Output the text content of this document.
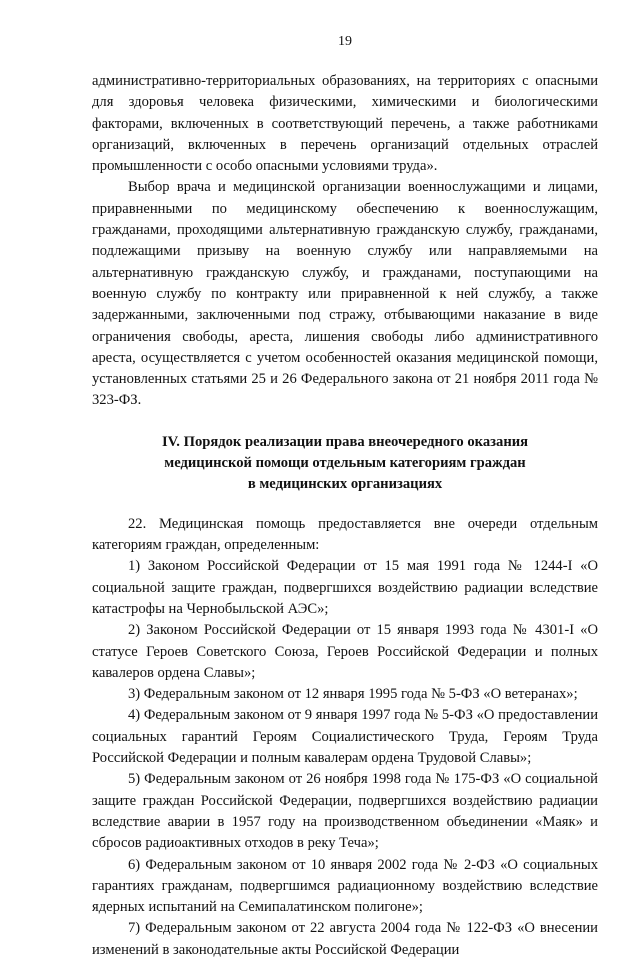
19

административно-территориальных образованиях, на территориях с опасными для здоровья человека физическими, химическими и биологическими факторами, включенных в соответствующий перечень, а также работниками организаций, включенных в перечень организаций отдельных отраслей промышленности с особо опасными условиями труда».

Выбор врача и медицинской организации военнослужащими и лицами, приравненными по медицинскому обеспечению к военнослужащим, гражданами, проходящими альтернативную гражданскую службу, гражданами, подлежащими призыву на военную службу или направляемыми на альтернативную гражданскую службу, и гражданами, поступающими на военную службу по контракту или приравненной к ней службу, а также задержанными, заключенными под стражу, отбывающими наказание в виде ограничения свободы, ареста, лишения свободы либо административного ареста, осуществляется с учетом особенностей оказания медицинской помощи, установленных статьями 25 и 26 Федерального закона от 21 ноября 2011 года № 323-ФЗ.

IV. Порядок реализации права внеочередного оказания
медицинской помощи отдельным категориям граждан
в медицинских организациях

22. Медицинская помощь предоставляется вне очереди отдельным категориям граждан, определенным:

1) Законом Российской Федерации от 15 мая 1991 года № 1244-I «О социальной защите граждан, подвергшихся воздействию радиации вследствие катастрофы на Чернобыльской АЭС»;

2) Законом Российской Федерации от 15 января 1993 года № 4301-I «О статусе Героев Советского Союза, Героев Российской Федерации и полных кавалеров ордена Славы»;

3) Федеральным законом от 12 января 1995 года № 5-ФЗ «О ветеранах»;

4) Федеральным законом от 9 января 1997 года № 5-ФЗ «О предоставлении социальных гарантий Героям Социалистического Труда, Героям Труда Российской Федерации и полным кавалерам ордена Трудовой Славы»;

5) Федеральным законом от 26 ноября 1998 года № 175-ФЗ «О социальной защите граждан Российской Федерации, подвергшихся воздействию радиации вследствие аварии в 1957 году на производственном объединении «Маяк» и сбросов радиоактивных отходов в реку Теча»;

6) Федеральным законом от 10 января 2002 года № 2-ФЗ «О социальных гарантиях гражданам, подвергшимся радиационному воздействию вследствие ядерных испытаний на Семипалатинском полигоне»;

7) Федеральным законом от 22 августа 2004 года № 122-ФЗ «О внесении изменений в законодательные акты Российской Федерации
